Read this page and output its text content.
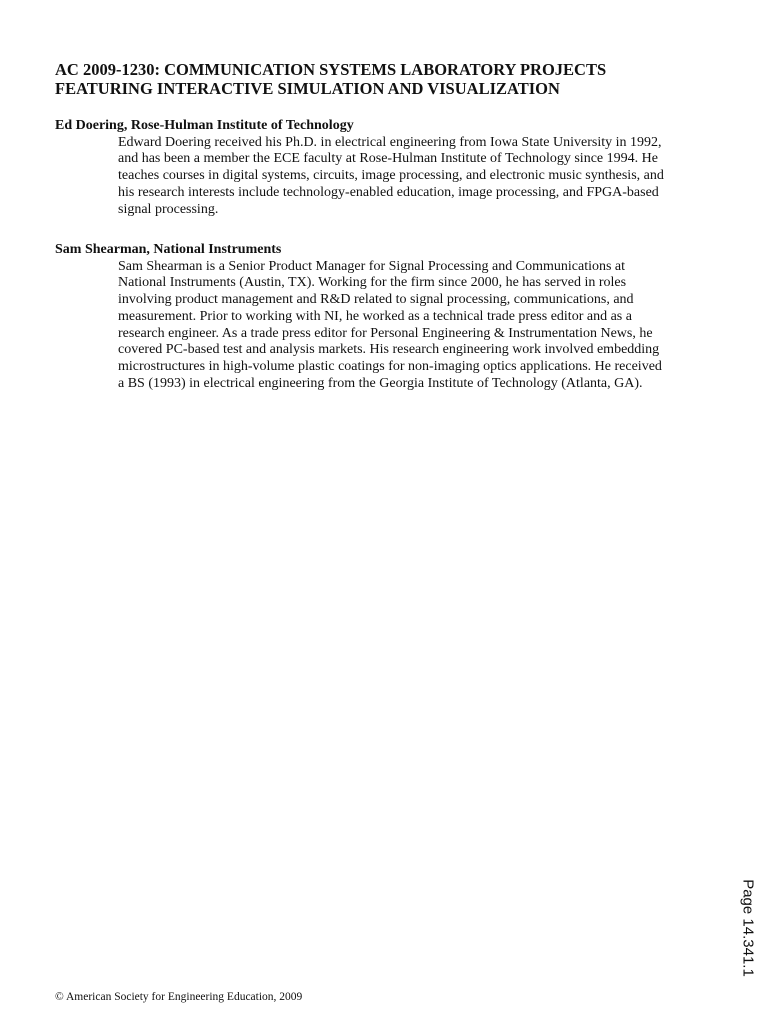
AC 2009-1230: COMMUNICATION SYSTEMS LABORATORY PROJECTS
FEATURING INTERACTIVE SIMULATION AND VISUALIZATION
Ed Doering, Rose-Hulman Institute of Technology
Edward Doering received his Ph.D. in electrical engineering from Iowa State University in 1992,
and has been a member the ECE faculty at Rose-Hulman Institute of Technology since 1994. He
teaches courses in digital systems, circuits, image processing, and electronic music synthesis, and
his research interests include technology-enabled education, image processing, and FPGA-based
signal processing.
Sam Shearman, National Instruments
Sam Shearman is a Senior Product Manager for Signal Processing and Communications at
National Instruments (Austin, TX). Working for the firm since 2000, he has served in roles
involving product management and R&D related to signal processing, communications, and
measurement. Prior to working with NI, he worked as a technical trade press editor and as a
research engineer. As a trade press editor for Personal Engineering & Instrumentation News, he
covered PC-based test and analysis markets. His research engineering work involved embedding
microstructures in high-volume plastic coatings for non-imaging optics applications. He received
a BS (1993) in electrical engineering from the Georgia Institute of Technology (Atlanta, GA).
Page 14.341.1
© American Society for Engineering Education, 2009
